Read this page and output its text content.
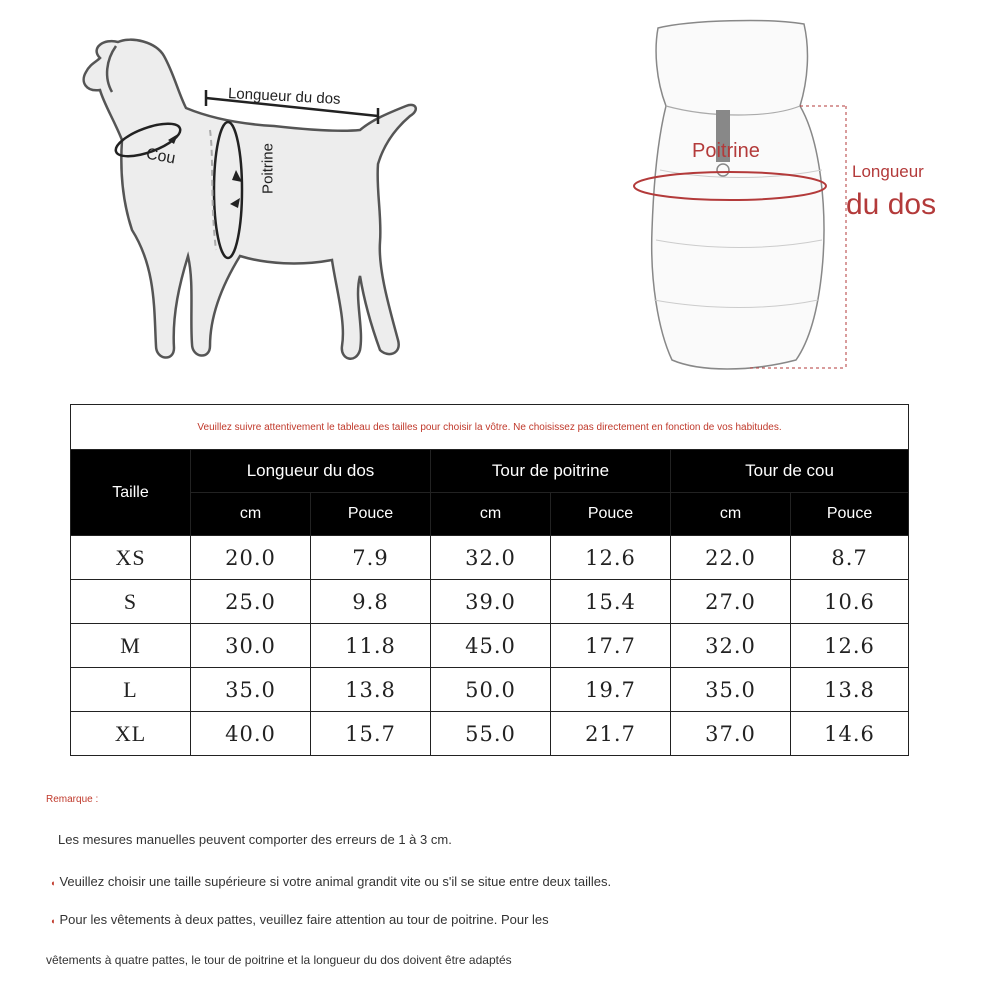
Longueur du dos
Cou	Poitrine	Poitrine
Longueur
du dos
Veuillez suivre attentivement le tableau des tailles pour choisir la vôtre. Ne choisissez pas directement en fonction de vos habitudes.						
Taille	Longueur du dos		Tour de poitrine		Tour de cou	
	cm	Pouce	cm	Pouce	cm	Pouce
XS	20.0	7.9	32.0	12.6	22.0	8.7
S	25.0	9.8	39.0	15.4	27.0	10.6
M	30.0	11.8	45.0	17.7	32.0	12.6
L	35.0	13.8	50.0	19.7	35.0	13.8
XL	40.0	15.7	55.0	21.7	37.0	14.6
Remarque :
Les mesures manuelles peuvent comporter des erreurs de 1 à 3 cm.
◖ Veuillez choisir une taille supérieure si votre animal grandit vite ou s'il se situe entre deux tailles.
◖ Pour les vêtements à deux pattes, veuillez faire attention au tour de poitrine. Pour les
vêtements à quatre pattes, le tour de poitrine et la longueur du dos doivent être adaptés
